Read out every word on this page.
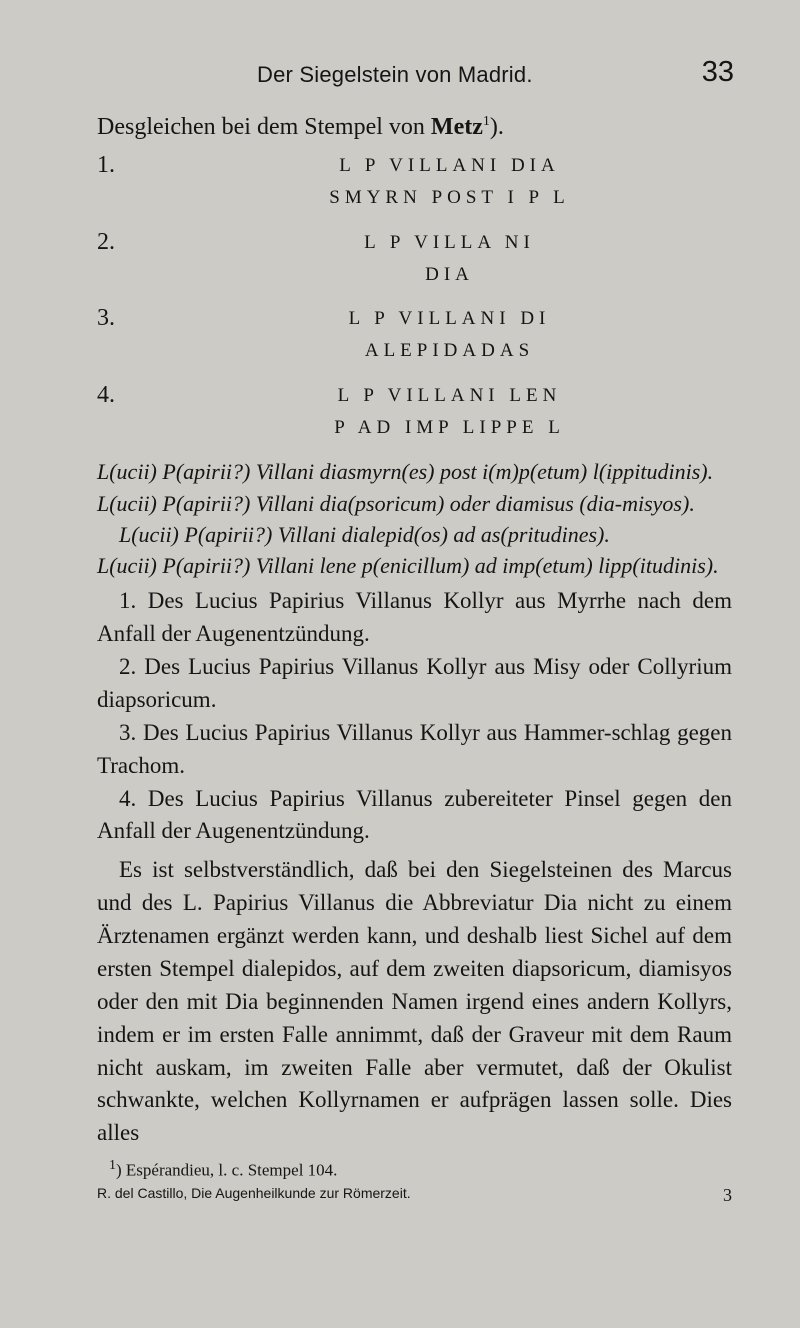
Der Siegelstein von Madrid.	33
Desgleichen bei dem Stempel von Metz$^1$).
1.	L P VILLANI DIA
SMYRN POST I P L
2.	L P VILLA NI
DIA
3.	L P VILLANI DI
ALEPIDADAS
4.	L P VILLANI LEN
P AD IMP LIPPE L

L(ucii) P(apirii?) Villani diasmyrn(es) post i(m)p(etum) l(ippitudinis).

L(ucii) P(apirii?) Villani dia(psoricum) oder diamisus (dia-misyos).

L(ucii) P(apirii?) Villani dialepid(os) ad as(pritudines).

L(ucii) P(apirii?) Villani lene p(enicillum) ad imp(etum) lipp(itudinis).

1. Des Lucius Papirius Villanus Kollyr aus Myrrhe nach dem Anfall der Augenentzündung.

2. Des Lucius Papirius Villanus Kollyr aus Misy oder Collyrium diapsoricum.

3. Des Lucius Papirius Villanus Kollyr aus Hammer-schlag gegen Trachom.

4. Des Lucius Papirius Villanus zubereiteter Pinsel gegen den Anfall der Augenentzündung.

Es ist selbstverständlich, daß bei den Siegelsteinen des Marcus und des L. Papirius Villanus die Abbreviatur Dia nicht zu einem Ärztenamen ergänzt werden kann, und deshalb liest Sichel auf dem ersten Stempel dialepidos, auf dem zweiten diapsoricum, diamisyos oder den mit Dia beginnenden Namen irgend eines andern Kollyrs, indem er im ersten Falle annimmt, daß der Graveur mit dem Raum nicht auskam, im zweiten Falle aber vermutet, daß der Okulist schwankte, welchen Kollyrnamen er aufprägen lassen solle. Dies alles

$^1$) Espérandieu, l. c. Stempel 104.
R. del Castillo, Die Augenheilkunde zur Römerzeit.	3
